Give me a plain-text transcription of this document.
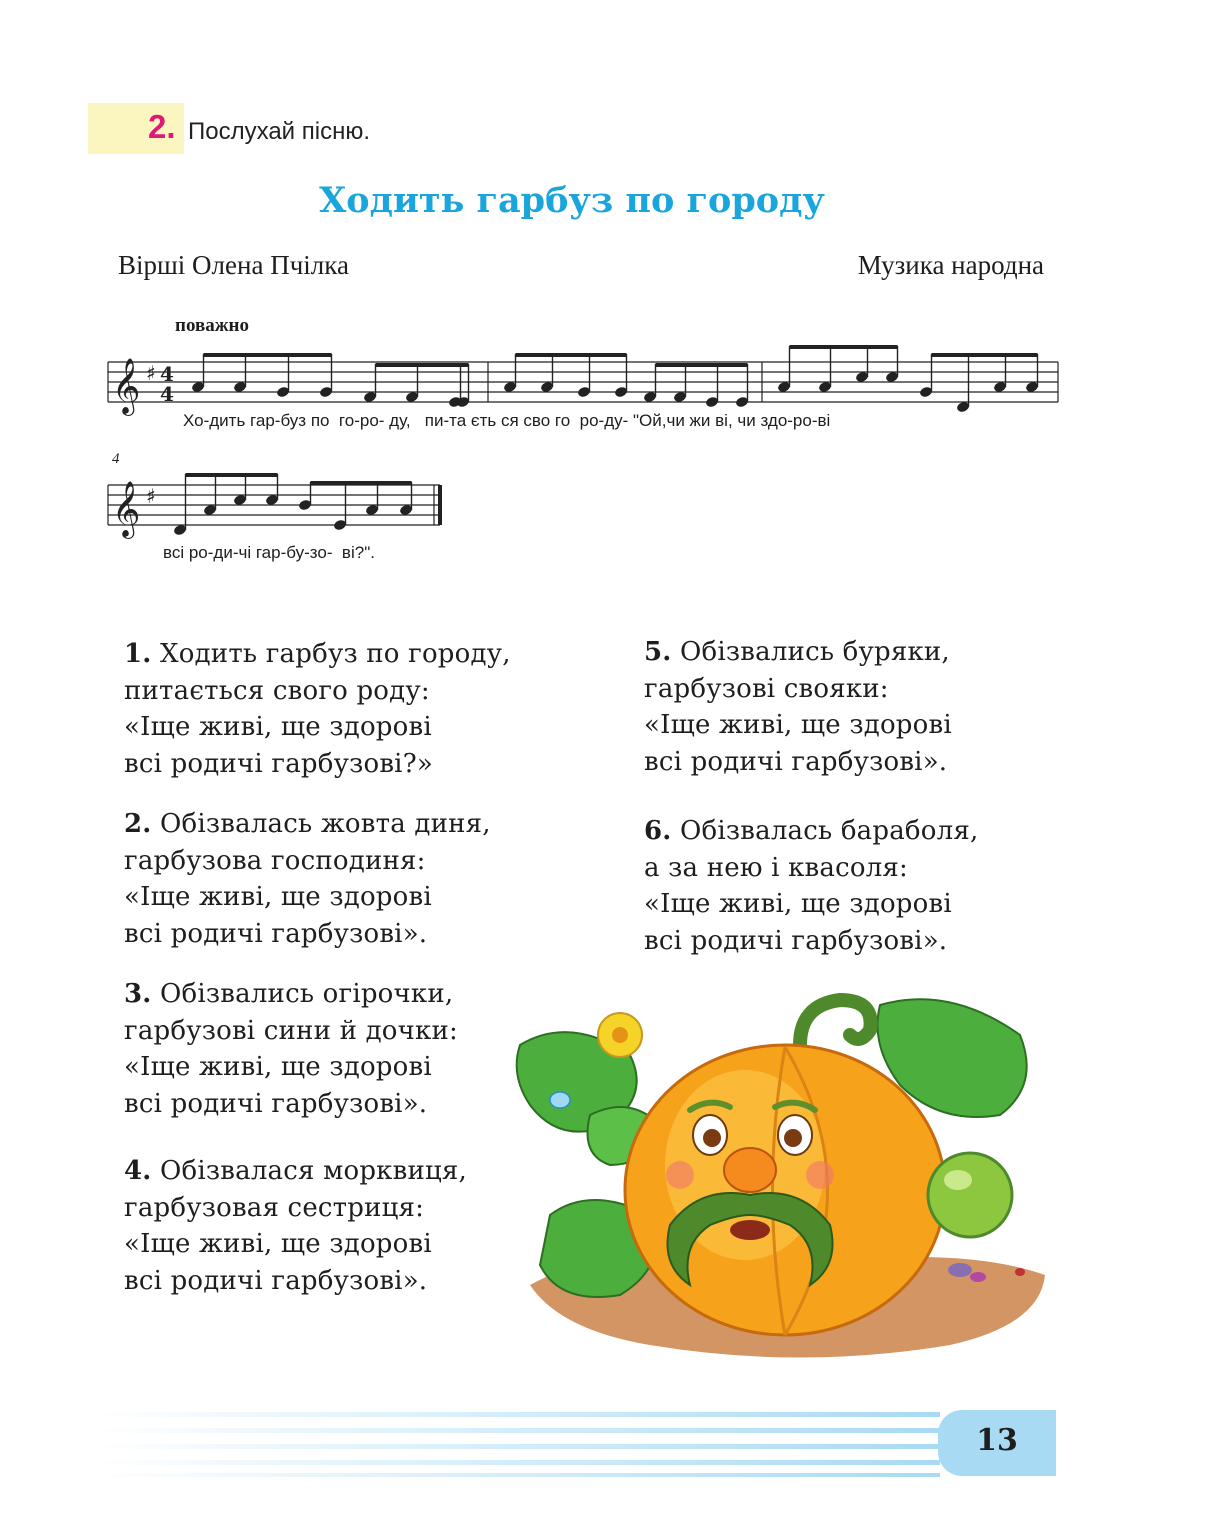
2. Послухай пісню.
Ходить гарбуз по городу
Вірші Олена Пчілка	Музика народна
поважно
𝄞 ♯ 4
4
𝄞 ♯
Хо-дить гар-буз по  го-ро- ду,   пи-та єть ся сво го  ро-ду- "Ой,чи жи ві, чи здо-ро-ві
4
всі ро-ди-чі гар-бу-зо-  ві?".
1. Ходить гарбуз по городу,
питається свого роду:
«Іще живі, ще здорові
всі родичі гарбузові?»
2. Обізвалась жовта диня,
гарбузова господиня:
«Іще живі, ще здорові
всі родичі гарбузові».
3. Обізвались огірочки,
гарбузові сини й дочки:
«Іще живі, ще здорові
всі родичі гарбузові».
4. Обізвалася морквиця,
гарбузовая сестриця:
«Іще живі, ще здорові
всі родичі гарбузові».
5. Обізвались буряки,
гарбузові свояки:
«Іще живі, ще здорові
всі родичі гарбузові».
6. Обізвалась бараболя,
а за нею і квасоля:
«Іще живі, ще здорові
всі родичі гарбузові».
13
